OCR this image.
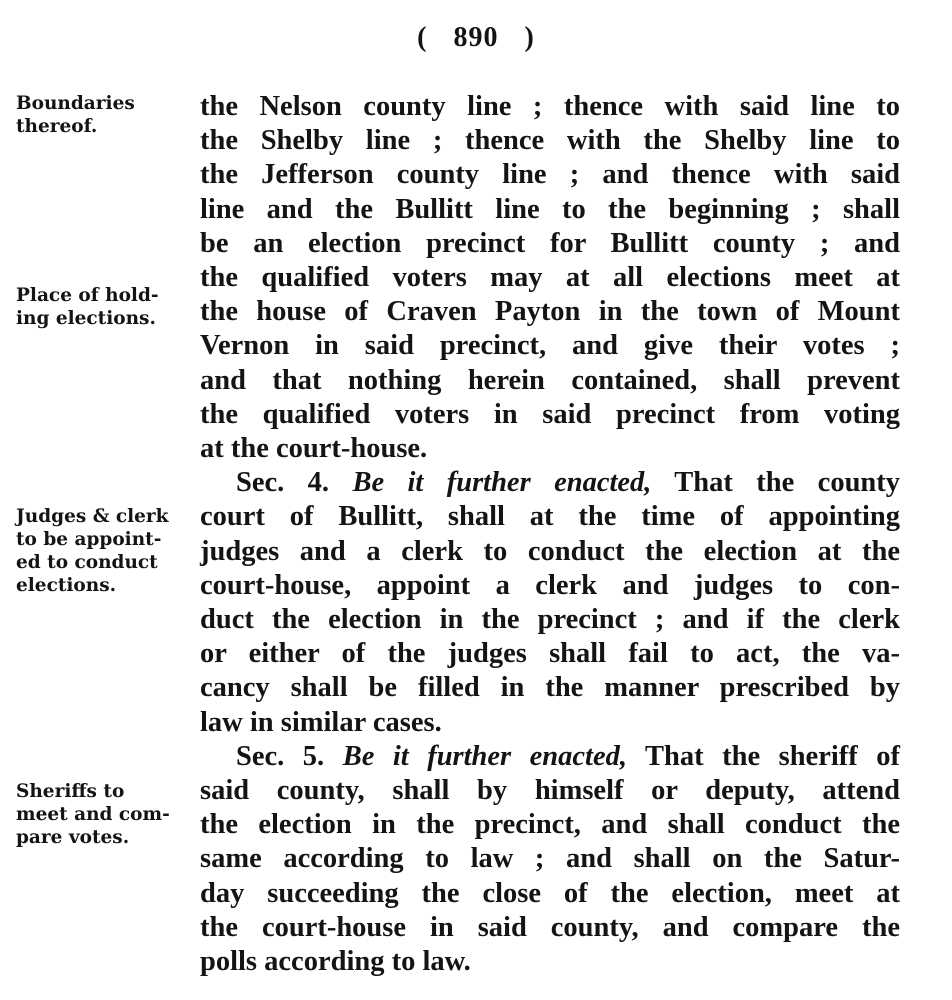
( 890 )
Boundaries
thereof.
Place of hold-
ing elections.
Judges & clerk
to be appoint-
ed to conduct
elections.
Sheriffs to
meet and com-
pare votes.
the Nelson county line ; thence with said line to
the Shelby line ; thence with the Shelby line to
the Jefferson county line ; and thence with said
line and the Bullitt line to the beginning ; shall
be an election precinct for Bullitt county ; and
the qualified voters may at all elections meet at
the house of Craven Payton in the town of Mount
Vernon in said precinct, and give their votes ;
and that nothing herein contained, shall prevent
the qualified voters in said precinct from voting
at the court-house.
Sec. 4. Be it further enacted, That the county
court of Bullitt, shall at the time of appointing
judges and a clerk to conduct the election at the
court-house, appoint a clerk and judges to con-
duct the election in the precinct ; and if the clerk
or either of the judges shall fail to act, the va-
cancy shall be filled in the manner prescribed by
law in similar cases.
Sec. 5. Be it further enacted, That the sheriff of
said county, shall by himself or deputy, attend
the election in the precinct, and shall conduct the
same according to law ; and shall on the Satur-
day succeeding the close of the election, meet at
the court-house in said county, and compare the
polls according to law.
